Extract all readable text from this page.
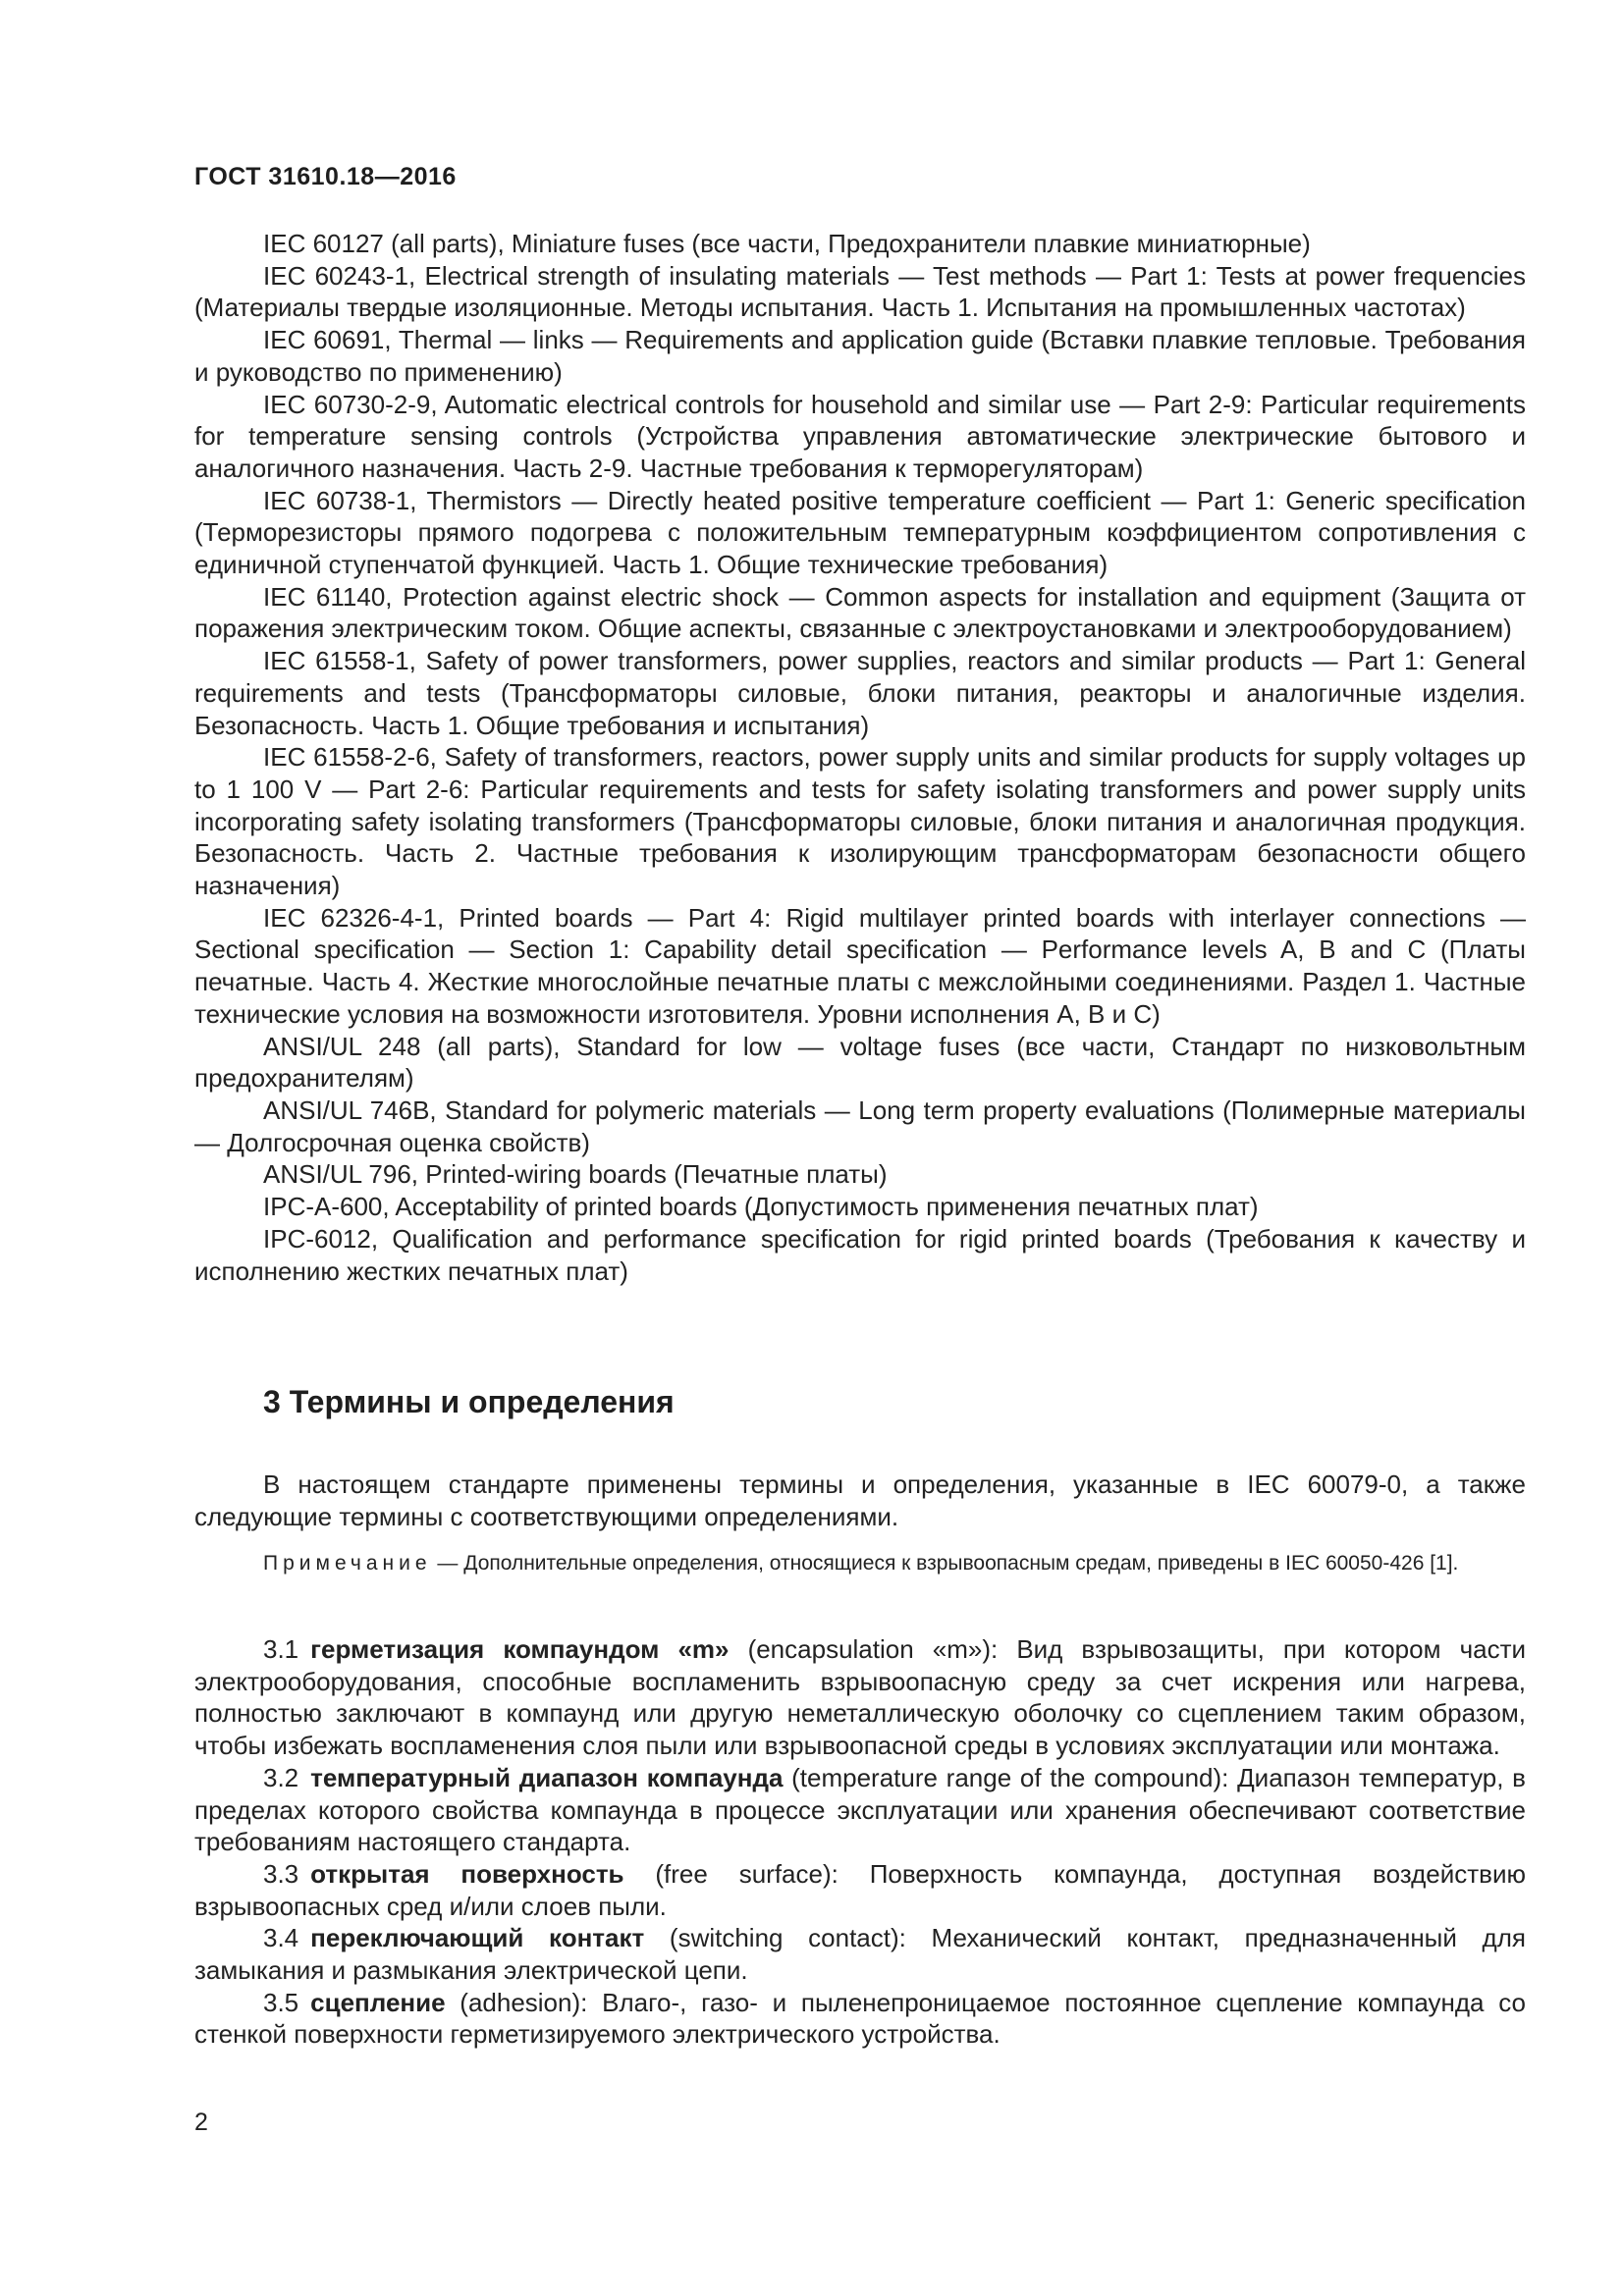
ГОСТ 31610.18—2016

IEC 60127 (all parts), Miniature fuses (все части, Предохранители плавкие миниатюрные)

IEC 60243-1, Electrical strength of insulating materials — Test methods — Part 1: Tests at power frequencies (Материалы твердые изоляционные. Методы испытания. Часть 1. Испытания на промышленных частотах)

IEC 60691, Thermal — links — Requirements and application guide (Вставки плавкие тепловые. Требования и руководство по применению)

IEC 60730-2-9, Automatic electrical controls for household and similar use — Part 2-9: Particular requirements for temperature sensing controls (Устройства управления автоматические электрические бытового и аналогичного назначения. Часть 2-9. Частные требования к терморегуляторам)

IEC 60738-1, Thermistors — Directly heated positive temperature coefficient — Part 1: Generic specification (Терморезисторы прямого подогрева с положительным температурным коэффициентом сопротивления с единичной ступенчатой функцией. Часть 1. Общие технические требования)

IEC 61140, Protection against electric shock — Common aspects for installation and equipment (Защита от поражения электрическим током. Общие аспекты, связанные с электроустановками и электрооборудованием)

IEC 61558-1, Safety of power transformers, power supplies, reactors and similar products — Part 1: General requirements and tests (Трансформаторы силовые, блоки питания, реакторы и аналогичные изделия. Безопасность. Часть 1. Общие требования и испытания)

IEC 61558-2-6, Safety of transformers, reactors, power supply units and similar products for supply voltages up to 1 100 V — Part 2-6: Particular requirements and tests for safety isolating transformers and power supply units incorporating safety isolating transformers (Трансформаторы силовые, блоки питания и аналогичная продукция. Безопасность. Часть 2. Частные требования к изолирующим трансформаторам безопасности общего назначения)

IEC 62326-4-1, Printed boards — Part 4: Rigid multilayer printed boards with interlayer connections — Sectional specification — Section 1: Capability detail specification — Performance levels A, B and C (Платы печатные. Часть 4. Жесткие многослойные печатные платы с межслойными соединениями. Раздел 1. Частные технические условия на возможности изготовителя. Уровни исполнения А, В и С)

ANSI/UL 248 (all parts), Standard for low — voltage fuses (все части, Стандарт по низковольтным предохранителям)

ANSI/UL 746B, Standard for polymeric materials — Long term property evaluations (Полимерные материалы — Долгосрочная оценка свойств)

ANSI/UL 796, Printed-wiring boards (Печатные платы)

IPC-A-600, Acceptability of printed boards (Допустимость применения печатных плат)

IPC-6012, Qualification and performance specification for rigid printed boards (Требования к качеству и исполнению жестких печатных плат)

3 Термины и определения

В настоящем стандарте применены термины и определения, указанные в IEC 60079-0, а также следующие термины с соответствующими определениями.

Примечание — Дополнительные определения, относящиеся к взрывоопасным средам, приведены в IEC 60050-426 [1].

3.1 герметизация компаундом «m» (encapsulation «m»): Вид взрывозащиты, при котором части электрооборудования, способные воспламенить взрывоопасную среду за счет искрения или нагрева, полностью заключают в компаунд или другую неметаллическую оболочку со сцеплением таким образом, чтобы избежать воспламенения слоя пыли или взрывоопасной среды в условиях эксплуатации или монтажа.

3.2 температурный диапазон компаунда (temperature range of the compound): Диапазон температур, в пределах которого свойства компаунда в процессе эксплуатации или хранения обеспечивают соответствие требованиям настоящего стандарта.

3.3 открытая поверхность (free surface): Поверхность компаунда, доступная воздействию взрывоопасных сред и/или слоев пыли.

3.4 переключающий контакт (switching contact): Механический контакт, предназначенный для замыкания и размыкания электрической цепи.

3.5 сцепление (adhesion): Влаго-, газо- и пыленепроницаемое постоянное сцепление компаунда со стенкой поверхности герметизируемого электрического устройства.

2
